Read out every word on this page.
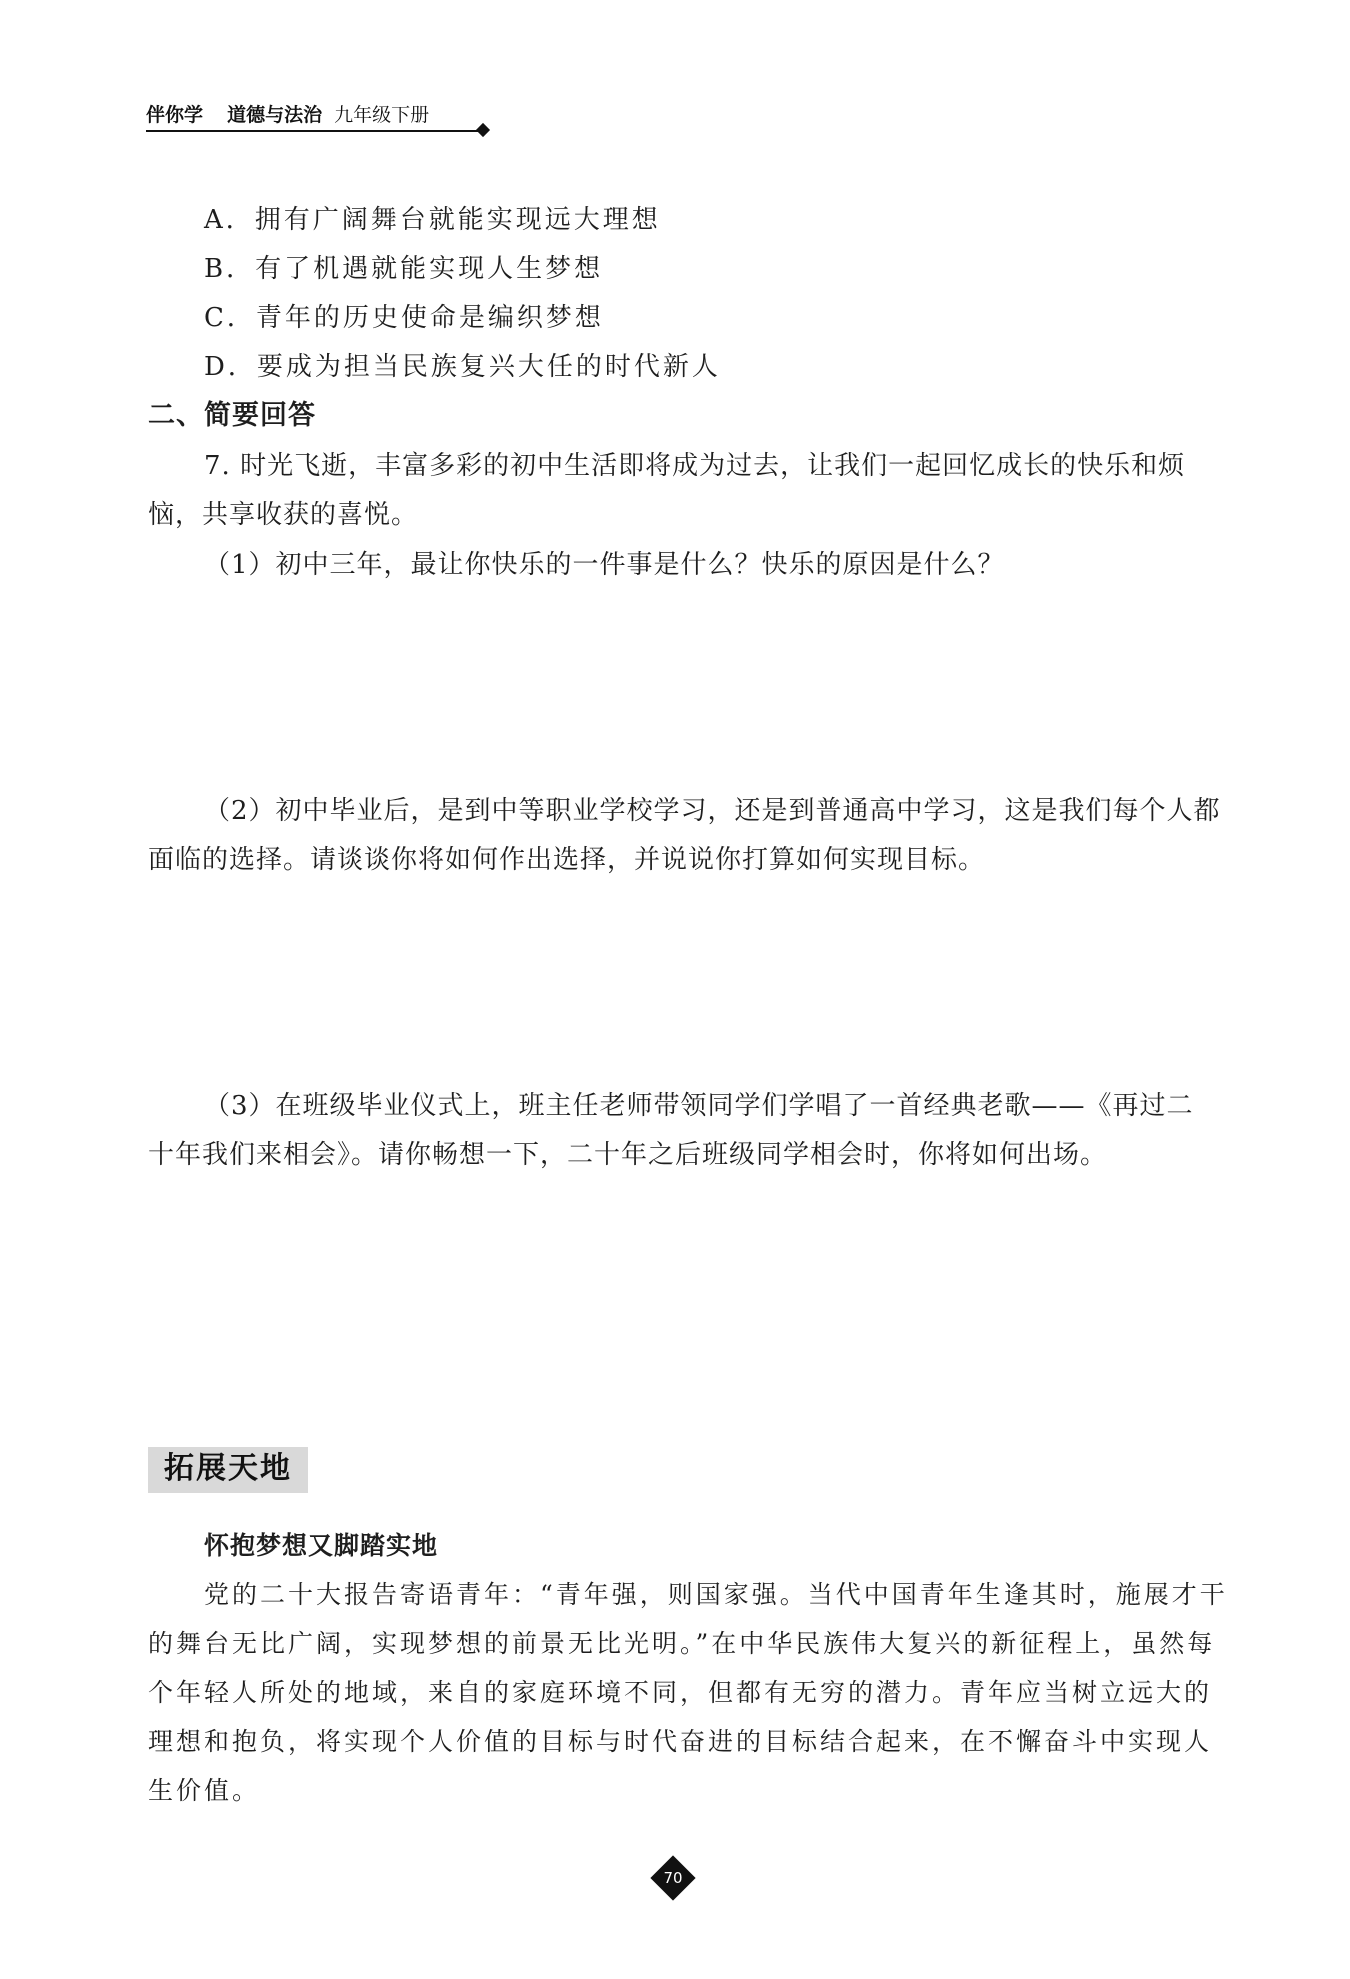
伴你学 道德与法治 九年级下册
A．拥有广阔舞台就能实现远大理想
B．有了机遇就能实现人生梦想
C．青年的历史使命是编织梦想
D．要成为担当民族复兴大任的时代新人
二、简要回答
7. 时光飞逝，丰富多彩的初中生活即将成为过去，让我们一起回忆成长的快乐和烦
恼，共享收获的喜悦。
（1）初中三年，最让你快乐的一件事是什么？快乐的原因是什么？
（2）初中毕业后，是到中等职业学校学习，还是到普通高中学习，这是我们每个人都
面临的选择。请谈谈你将如何作出选择，并说说你打算如何实现目标。
（3）在班级毕业仪式上，班主任老师带领同学们学唱了一首经典老歌——《再过二
十年我们来相会》。请你畅想一下，二十年之后班级同学相会时，你将如何出场。
拓展天地
怀抱梦想又脚踏实地
党的二十大报告寄语青年：“青年强，则国家强。当代中国青年生逢其时，施展才干
的舞台无比广阔，实现梦想的前景无比光明。”在中华民族伟大复兴的新征程上，虽然每
个年轻人所处的地域，来自的家庭环境不同，但都有无穷的潜力。青年应当树立远大的
理想和抱负，将实现个人价值的目标与时代奋进的目标结合起来，在不懈奋斗中实现人
生价值。
70
